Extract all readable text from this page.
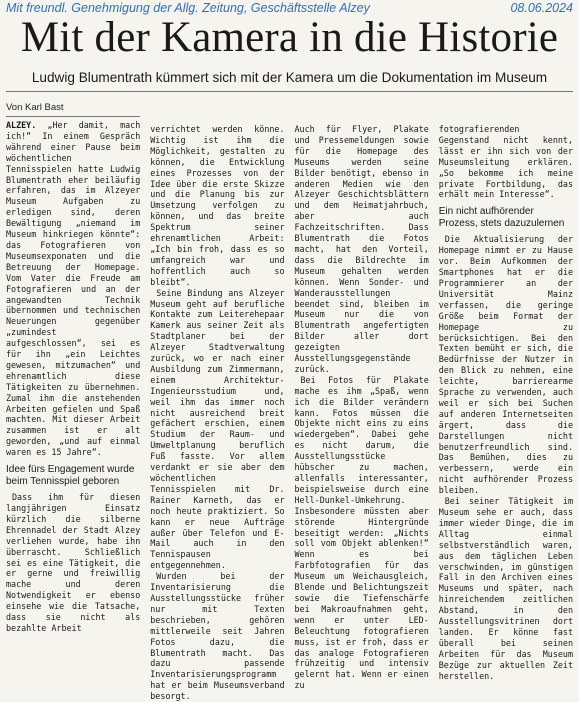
Mit freundl. Genehmigung der Allg. Zeitung, Geschäftsstelle Alzey	08.06.2024
Mit der Kamera in die Historie
Ludwig Blumentrath kümmert sich mit der Kamera um die Dokumentation im Museum
Von Karl Bast

ALZEY. „Her damit, mach ich!“ In einem Gespräch während einer Pause beim wöchentlichen Tennisspielen hatte Ludwig Blumentrath eher beiläufig erfahren, das im Alzeyer Museum Aufgaben zu erledigen sind, deren Bewältigung „niemand im Museum hinkriegen könnte“: das Fotografieren von Museumsexponaten und die Betreuung der Homepage. Vom Vater die Freude am Fotografieren und an der angewandten Technik übernommen und technischen Neuerungen gegenüber „zumindest aufgeschlossen“, sei es für ihn „ein Leichtes gewesen, mitzumachen“ und ehrenamtlich diese Tätigkeiten zu übernehmen. Zumal ihm die anstehenden Arbeiten gefielen und Spaß machten. Mit dieser Arbeit zusammen ist er alt geworden, „und auf einmal waren es 15 Jahre“.

Idee fürs Engagement wurde beim Tennisspiel geboren

Dass ihm für diesen langjährigen Einsatz kürzlich die silberne Ehrennadel der Stadt Alzey verliehen wurde, habe ihn überrascht. Schließlich sei es eine Tätigkeit, die er gerne und freiwillig mache und deren Notwendigkeit er ebenso einsehe wie die Tatsache, dass sie nicht als bezahlte Arbeit

verrichtet werden könne. Wichtig ist ihm die Möglichkeit, gestalten zu können, die Entwicklung eines Prozesses von der Idee über die erste Skizze und die Planung bis zur Umsetzung verfolgen zu können, und das breite Spektrum seiner ehrenamtlichen Arbeit: „Ich bin froh, dass es so umfangreich war und hoffentlich auch so bleibt“.

Seine Bindung ans Alzeyer Museum geht auf berufliche Kontakte zum Leiterehepaar Kamerk aus seiner Zeit als Stadtplaner bei der Alzeyer Stadtverwaltung zurück, wo er nach einer Ausbildung zum Zimmermann, einem Architektur-Ingenieursstudium und, weil ihm das immer noch nicht ausreichend breit gefächert erschien, einem Studium der Raum- und Umweltplanung beruflich Fuß fasste. Vor allem verdankt er sie aber dem wöchentlichen Tennisspielen mit Dr. Rainer Karneth, das er noch heute praktiziert. So kann er neue Aufträge außer über Telefon und E-Mail auch in den Tennispausen entgegennehmen.

Wurden bei der Inventarisierung die Ausstellungsstücke früher nur mit Texten beschrieben, gehören mittlerweile seit Jahren Fotos dazu, die Blumentrath macht. Das dazu passende Inventarisierungsprogramm hat er beim Museumsverband besorgt.

Auch für Flyer, Plakate und Pressemeldungen sowie für die Homepage des Museums werden seine Bilder benötigt, ebenso in anderen Medien wie den Alzeyer Geschichtsblättern und dem Heimatjahrbuch, aber auch Fachzeitschriften. Dass Blumentrath die Fotos macht, hat den Vorteil, dass die Bildrechte im Museum gehalten werden können. Wenn Sonder- und Wanderausstellungen beendet sind, bleiben im Museum nur die von Blumentrath angefertigten Bilder aller dort gezeigten Ausstellungsgegenstände zurück.

Bei Fotos für Plakate mache es ihm „Spaß, wenn ich die Bilder verändern kann. Fotos müssen die Objekte nicht eins zu eins wiedergeben“. Dabei gehe es nicht darum, die Ausstellungsstücke hübscher zu machen, allenfalls interessanter, beispielsweise durch eine Hell-Dunkel-Umkehrung. Insbesondere müssten aber störende Hintergründe beseitigt werden: „Nichts soll vom Objekt ablenken!“ Wenn es bei Farbfotografien für das Museum um Weichausgleich, Blende und Belichtungszeit sowie die Tiefenschärfe bei Makroaufnahmen geht, wenn er unter LED-Beleuchtung fotografieren muss, ist er froh, dass er das analoge Fotografieren frühzeitig und intensiv gelernt hat. Wenn er einen zu

fotografierenden Gegenstand nicht kennt, lässt er ihn sich von der Museumsleitung erklären. „So bekomme ich meine private Fortbildung, das erhält mein Interesse“.

Ein nicht aufhörender Prozess, stets dazuzulernen

Die Aktualisierung der Homepage nimmt er zu Hause vor. Beim Aufkommen der Smartphones hat er die Programmierer an der Universität Mainz verfassen, die geringe Größe beim Format der Homepage zu berücksichtigen. Bei den Texten bemüht er sich, die Bedürfnisse der Nutzer in den Blick zu nehmen, eine leichte, barrierearme Sprache zu verwenden, auch weil er sich bei Suchen auf anderen Internetseiten ärgert, dass die Darstellungen nicht benutzerfreundlich sind. Das Bemühen, dies zu verbessern, werde ein nicht aufhörender Prozess bleiben.

Bei seiner Tätigkeit im Museum sehe er auch, dass immer wieder Dinge, die im Alltag einmal selbstverständlich waren, aus dem täglichen Leben verschwinden, im günstigen Fall in den Archiven eines Museums und später, nach hinreichendem zeitlichen Abstand, in den Ausstellungsvitrinen dort landen. Er könne fast überall bei seinen Arbeiten für das Museum Bezüge zur aktuellen Zeit herstellen.
